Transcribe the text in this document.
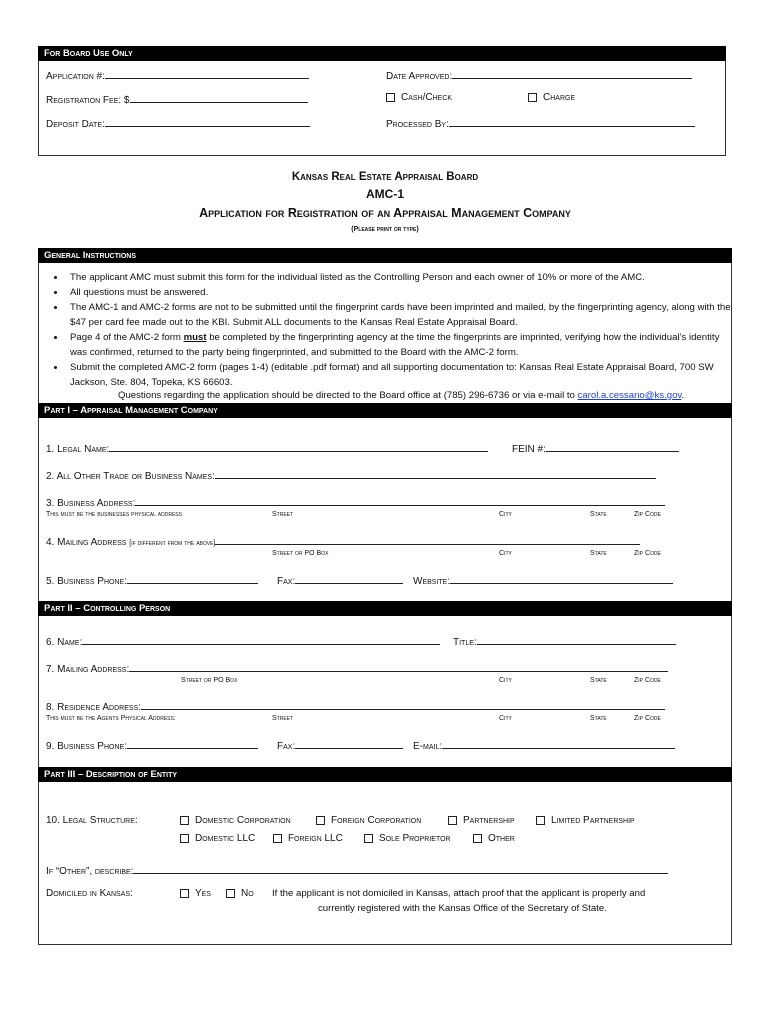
For Board Use Only
Application #:
Registration Fee: $
Deposit Date:
Date Approved:
Cash/Check	Charge
Processed By:
Kansas Real Estate Appraisal Board
AMC-1
Application for Registration of an Appraisal Management Company
(Please print or type)
General Instructions
• The applicant AMC must submit this form for the individual listed as the Controlling Person and each owner of 10% or more of the AMC.
• All questions must be answered.
• The AMC-1 and AMC-2 forms are not to be submitted until the fingerprint cards have been imprinted and mailed, by the fingerprinting agency, along with the $47 per card fee made out to the KBI. Submit ALL documents to the Kansas Real Estate Appraisal Board.
• Page 4 of the AMC-2 form must be completed by the fingerprinting agency at the time the fingerprints are imprinted, verifying how the individual’s identity was confirmed, returned to the party being fingerprinted, and submitted to the Board with the AMC-2 form.
• Submit the completed AMC-2 form (pages 1-4) (editable .pdf format) and all supporting documentation to: Kansas Real Estate Appraisal Board, 700 SW Jackson, Ste. 804, Topeka, KS 66603.
Questions regarding the application should be directed to the Board office at (785) 296-6736 or via e-mail to carol.a.cessano@ks.gov.
Part I – Appraisal Management Company
1. Legal Name:	FEIN #:
2. All Other Trade or Business Names:
3. Business Address:
This must be the businesses physical address	Street	City	State	Zip Code
4. Mailing Address [if different from the above]
Street or PO Box	City	State	Zip Code
5. Business Phone:	Fax:	Website:
Part II – Controlling Person
6. Name:	Title:
7. Mailing Address:
Street or PO Box	City	State	Zip Code
8. Residence Address:
This must be the Agents Physical Address:	Street	City	State	Zip Code
9. Business Phone:	Fax:	E-mail:
Part III – Description of Entity
10. Legal Structure:	Domestic Corporation	Foreign Corporation	Partnership	Limited Partnership
Domestic LLC	Foreign LLC	Sole Proprietor	Other
If “Other”, describe:
Domiciled in Kansas:	Yes	No If the applicant is not domiciled in Kansas, attach proof that the applicant is properly and
currently registered with the Kansas Office of the Secretary of State.
